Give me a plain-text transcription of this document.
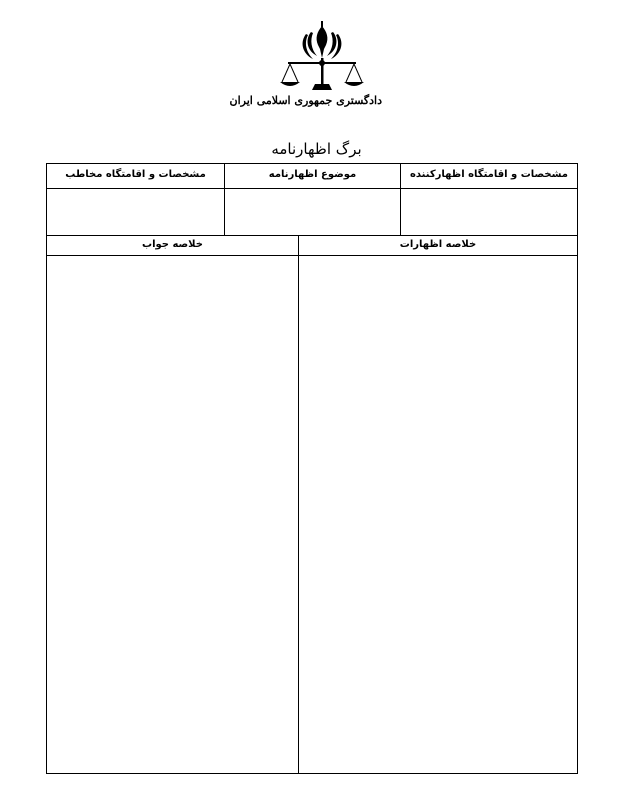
دادگستری جمهوری اسلامی ایران
برگ اظهارنامه
مشخصات و اقامتگاه اظهارکننده
موضوع اظهارنامه
مشخصات و اقامتگاه مخاطب
خلاصه اظهارات
خلاصه جواب
